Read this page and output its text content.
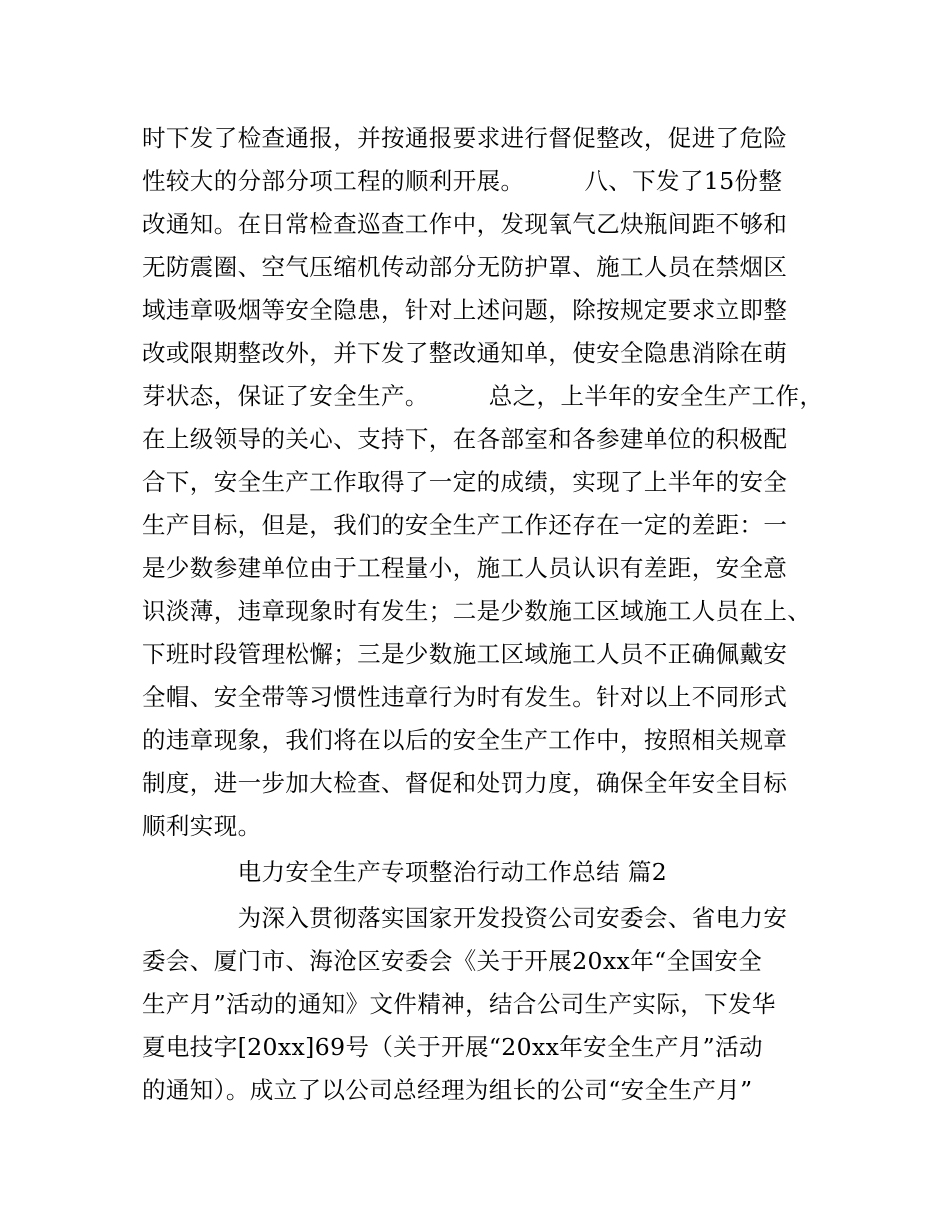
时下发了检查通报，并按通报要求进行督促整改，促进了危险

性较大的分部分项工程的顺利开展。　　　八、下发了15份整

改通知。在日常检查巡查工作中，发现氧气乙炔瓶间距不够和

无防震圈、空气压缩机传动部分无防护罩、施工人员在禁烟区

域违章吸烟等安全隐患，针对上述问题，除按规定要求立即整

改或限期整改外，并下发了整改通知单，使安全隐患消除在萌

芽状态，保证了安全生产。　　　总之，上半年的安全生产工作，

在上级领导的关心、支持下，在各部室和各参建单位的积极配

合下，安全生产工作取得了一定的成绩，实现了上半年的安全

生产目标，但是，我们的安全生产工作还存在一定的差距：一

是少数参建单位由于工程量小，施工人员认识有差距，安全意

识淡薄，违章现象时有发生；二是少数施工区域施工人员在上、

下班时段管理松懈；三是少数施工区域施工人员不正确佩戴安

全帽、安全带等习惯性违章行为时有发生。针对以上不同形式

的违章现象，我们将在以后的安全生产工作中，按照相关规章

制度，进一步加大检查、督促和处罚力度，确保全年安全目标

顺利实现。

　　　　电力安全生产专项整治行动工作总结 篇2

　　　　为深入贯彻落实国家开发投资公司安委会、省电力安

委会、厦门市、海沧区安委会《关于开展20xx年“全国安全

生产月”活动的通知》文件精神，结合公司生产实际，下发华

夏电技字[20xx]69号（关于开展“20xx年安全生产月”活动

的通知）。成立了以公司总经理为组长的公司“安全生产月”
